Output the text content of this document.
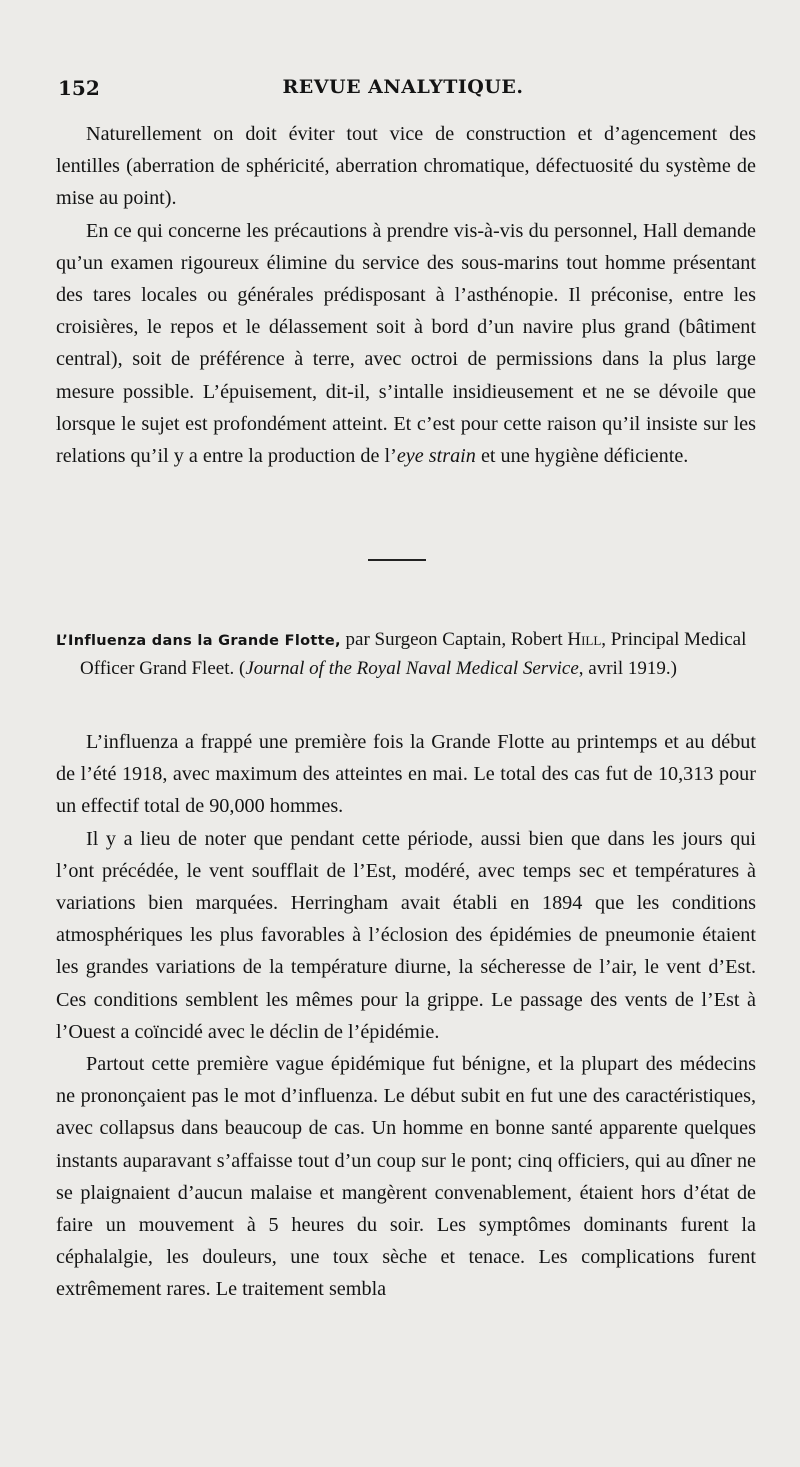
152	REVUE ANALYTIQUE.

Naturellement on doit éviter tout vice de construction et d’agencement des lentilles (aberration de sphéricité, aberration chromatique, défectuosité du système de mise au point).

En ce qui concerne les précautions à prendre vis-à-vis du personnel, Hall demande qu’un examen rigoureux élimine du service des sous-marins tout homme présentant des tares locales ou générales prédisposant à l’asthénopie. Il préconise, entre les croisières, le repos et le délassement soit à bord d’un navire plus grand (bâtiment central), soit de préférence à terre, avec octroi de permissions dans la plus large mesure possible. L’épuisement, dit-il, s’intalle insidieusement et ne se dévoile que lorsque le sujet est profondément atteint. Et c’est pour cette raison qu’il insiste sur les relations qu’il y a entre la production de l’eye strain et une hygiène déficiente.

L’Influenza dans la Grande Flotte, par Surgeon Captain, Robert Hill, Principal Medical Officer Grand Fleet. (Journal of the Royal Naval Medical Service, avril 1919.)

L’influenza a frappé une première fois la Grande Flotte au printemps et au début de l’été 1918, avec maximum des atteintes en mai. Le total des cas fut de 10,313 pour un effectif total de 90,000 hommes.

Il y a lieu de noter que pendant cette période, aussi bien que dans les jours qui l’ont précédée, le vent soufflait de l’Est, modéré, avec temps sec et températures à variations bien marquées. Herringham avait établi en 1894 que les conditions atmosphériques les plus favorables à l’éclosion des épidémies de pneumonie étaient les grandes variations de la température diurne, la sécheresse de l’air, le vent d’Est. Ces conditions semblent les mêmes pour la grippe. Le passage des vents de l’Est à l’Ouest a coïncidé avec le déclin de l’épidémie.

Partout cette première vague épidémique fut bénigne, et la plupart des médecins ne prononçaient pas le mot d’influenza. Le début subit en fut une des caractéristiques, avec collapsus dans beaucoup de cas. Un homme en bonne santé apparente quelques instants auparavant s’affaisse tout d’un coup sur le pont; cinq officiers, qui au dîner ne se plaignaient d’aucun malaise et mangèrent convenablement, étaient hors d’état de faire un mouvement à 5 heures du soir. Les symptômes dominants furent la céphalalgie, les douleurs, une toux sèche et tenace. Les complications furent extrêmement rares. Le traitement sembla
